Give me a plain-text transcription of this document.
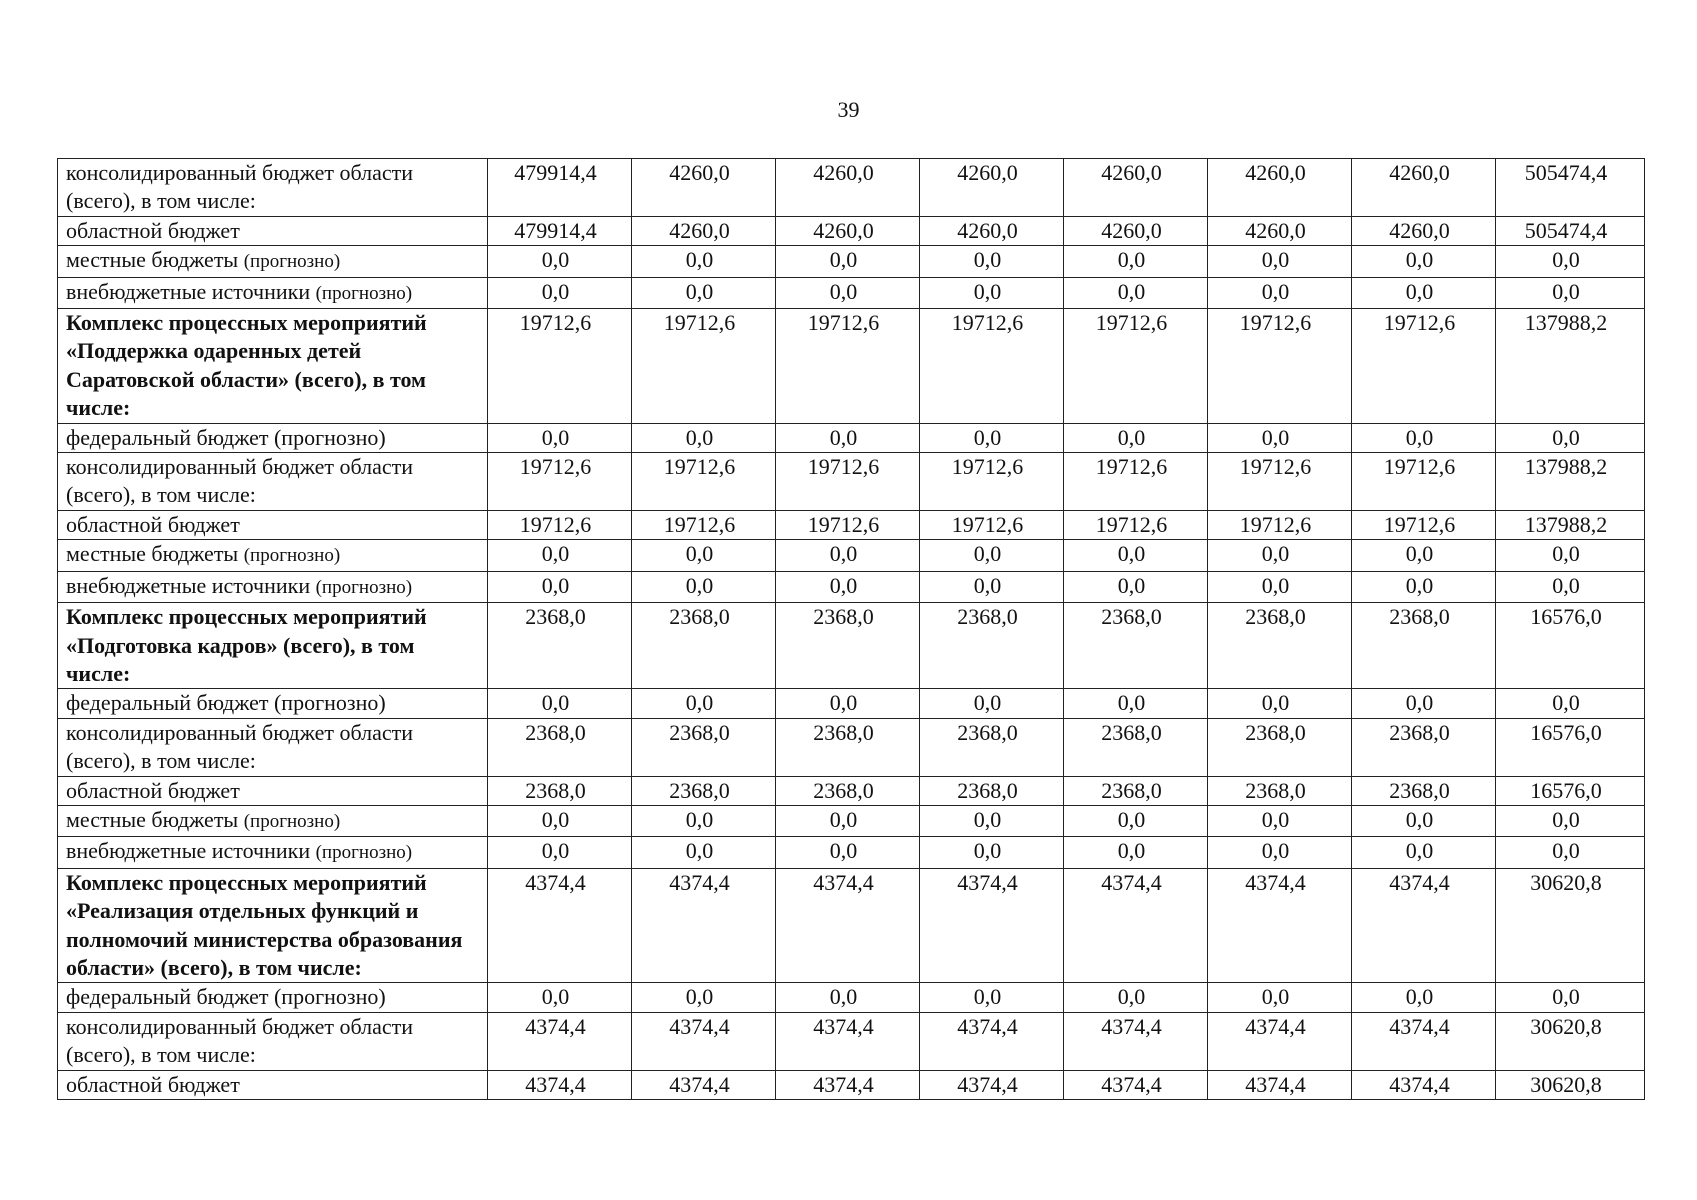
39
консолидированный бюджет области (всего), в том числе:	479914,4	4260,0	4260,0	4260,0	4260,0	4260,0	4260,0	505474,4
областной бюджет	479914,4	4260,0	4260,0	4260,0	4260,0	4260,0	4260,0	505474,4
местные бюджеты (прогнозно)	0,0	0,0	0,0	0,0	0,0	0,0	0,0	0,0
внебюджетные источники (прогнозно)	0,0	0,0	0,0	0,0	0,0	0,0	0,0	0,0
Комплекс процессных мероприятий «Поддержка одаренных детей Саратовской области» (всего), в том числе:	19712,6	19712,6	19712,6	19712,6	19712,6	19712,6	19712,6	137988,2
федеральный бюджет (прогнозно)	0,0	0,0	0,0	0,0	0,0	0,0	0,0	0,0
консолидированный бюджет области (всего), в том числе:	19712,6	19712,6	19712,6	19712,6	19712,6	19712,6	19712,6	137988,2
областной бюджет	19712,6	19712,6	19712,6	19712,6	19712,6	19712,6	19712,6	137988,2
местные бюджеты (прогнозно)	0,0	0,0	0,0	0,0	0,0	0,0	0,0	0,0
внебюджетные источники (прогнозно)	0,0	0,0	0,0	0,0	0,0	0,0	0,0	0,0
Комплекс процессных мероприятий «Подготовка кадров» (всего), в том числе:	2368,0	2368,0	2368,0	2368,0	2368,0	2368,0	2368,0	16576,0
федеральный бюджет (прогнозно)	0,0	0,0	0,0	0,0	0,0	0,0	0,0	0,0
консолидированный бюджет области (всего), в том числе:	2368,0	2368,0	2368,0	2368,0	2368,0	2368,0	2368,0	16576,0
областной бюджет	2368,0	2368,0	2368,0	2368,0	2368,0	2368,0	2368,0	16576,0
местные бюджеты (прогнозно)	0,0	0,0	0,0	0,0	0,0	0,0	0,0	0,0
внебюджетные источники (прогнозно)	0,0	0,0	0,0	0,0	0,0	0,0	0,0	0,0
Комплекс процессных мероприятий «Реализация отдельных функций и полномочий министерства образования области» (всего), в том числе:	4374,4	4374,4	4374,4	4374,4	4374,4	4374,4	4374,4	30620,8
федеральный бюджет (прогнозно)	0,0	0,0	0,0	0,0	0,0	0,0	0,0	0,0
консолидированный бюджет области (всего), в том числе:	4374,4	4374,4	4374,4	4374,4	4374,4	4374,4	4374,4	30620,8
областной бюджет	4374,4	4374,4	4374,4	4374,4	4374,4	4374,4	4374,4	30620,8
